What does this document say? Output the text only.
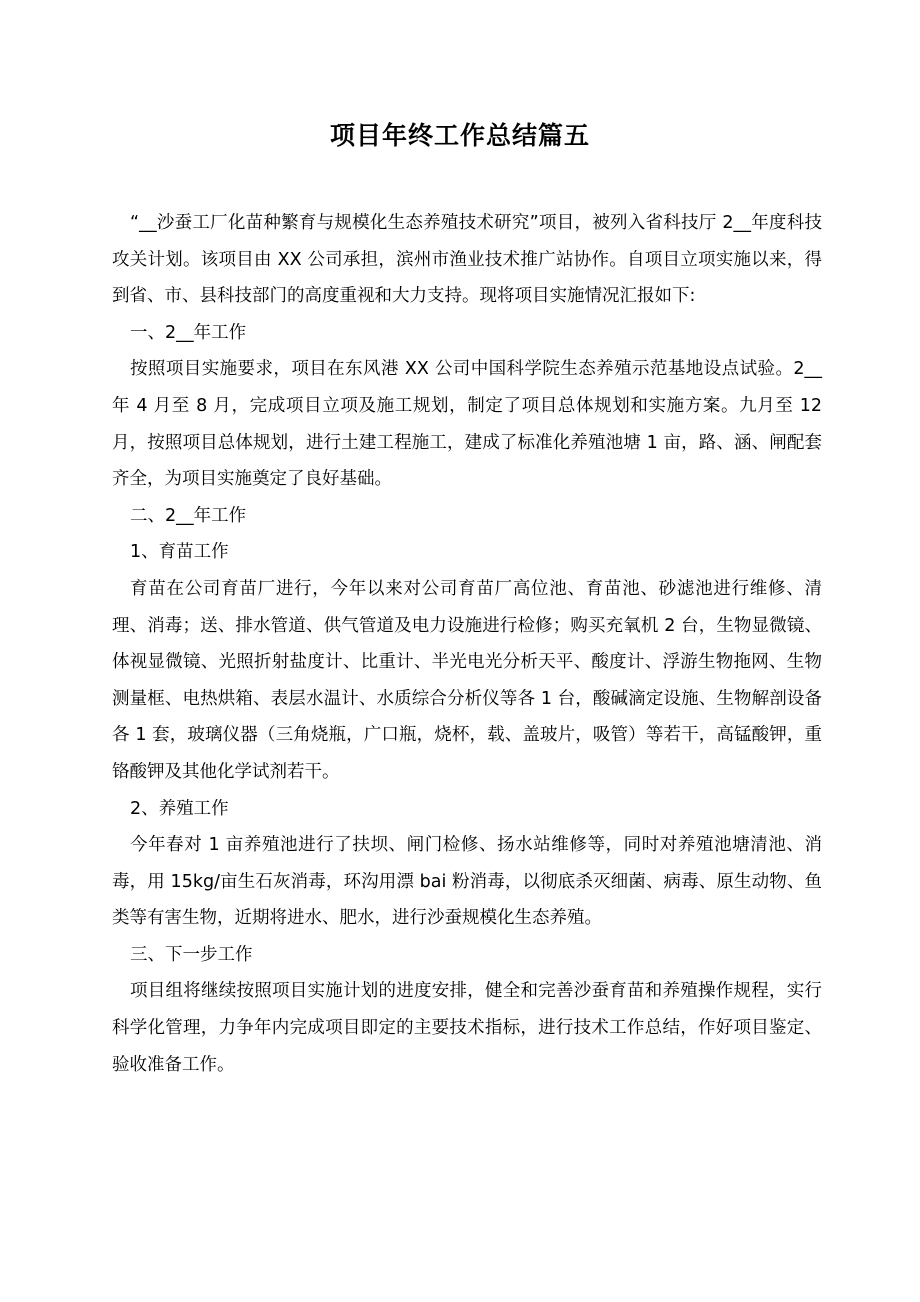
项目年终工作总结篇五

“__沙蚕工厂化苗种繁育与规模化生态养殖技术研究”项目，被列入省科技厅 2__年度科技攻关计划。该项目由 XX 公司承担，滨州市渔业技术推广站协作。自项目立项实施以来，得到省、市、县科技部门的高度重视和大力支持。现将项目实施情况汇报如下:

一、2__年工作

按照项目实施要求，项目在东风港 XX 公司中国科学院生态养殖示范基地设点试验。2__年 4 月至 8 月，完成项目立项及施工规划，制定了项目总体规划和实施方案。九月至 12 月，按照项目总体规划，进行土建工程施工，建成了标准化养殖池塘 1 亩，路、涵、闸配套齐全，为项目实施奠定了良好基础。

二、2__年工作

1、育苗工作

育苗在公司育苗厂进行，今年以来对公司育苗厂高位池、育苗池、砂滤池进行维修、清理、消毒；送、排水管道、供气管道及电力设施进行检修；购买充氧机 2 台，生物显微镜、体视显微镜、光照折射盐度计、比重计、半光电光分析天平、酸度计、浮游生物拖网、生物测量框、电热烘箱、表层水温计、水质综合分析仪等各 1 台，酸碱滴定设施、生物解剖设备各 1 套，玻璃仪器（三角烧瓶，广口瓶，烧杯，载、盖玻片，吸管）等若干，高锰酸钾，重铬酸钾及其他化学试剂若干。

2、养殖工作

今年春对 1 亩养殖池进行了扶坝、闸门检修、扬水站维修等，同时对养殖池塘清池、消毒，用 15kg/亩生石灰消毒，环沟用漂 bai 粉消毒，以彻底杀灭细菌、病毒、原生动物、鱼类等有害生物，近期将进水、肥水，进行沙蚕规模化生态养殖。

三、下一步工作

项目组将继续按照项目实施计划的进度安排，健全和完善沙蚕育苗和养殖操作规程，实行科学化管理，力争年内完成项目即定的主要技术指标，进行技术工作总结，作好项目鉴定、验收准备工作。
